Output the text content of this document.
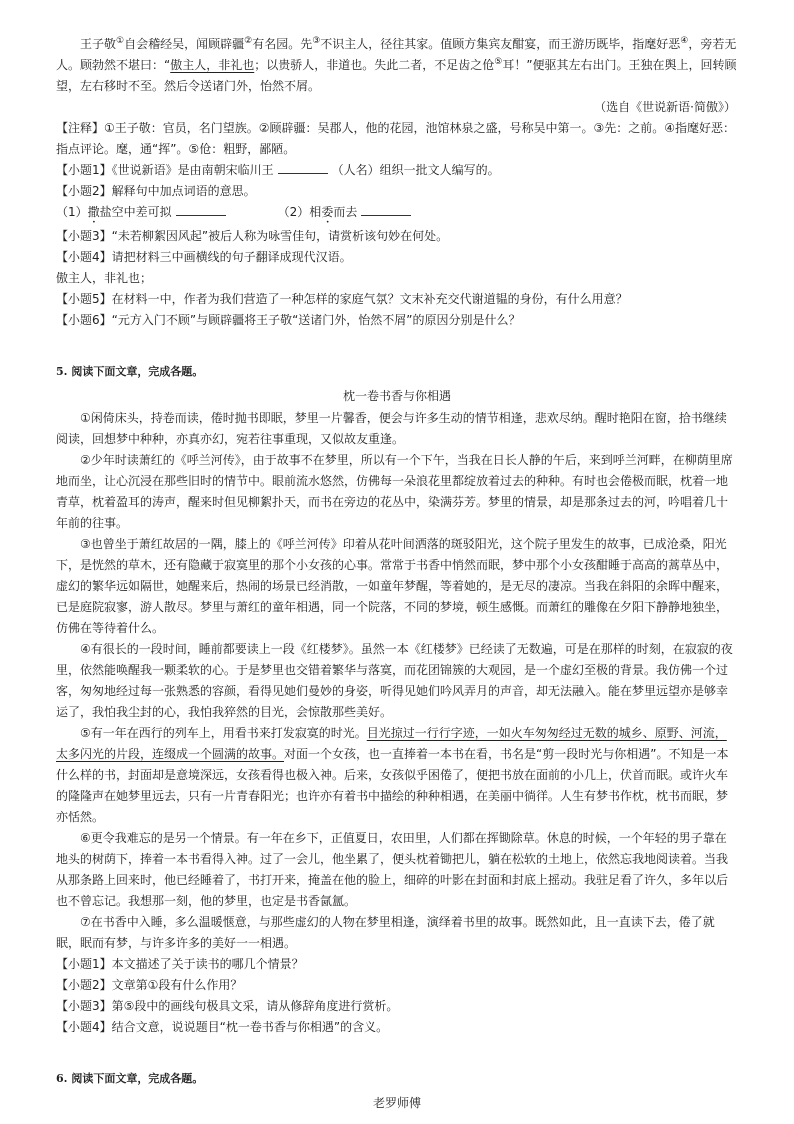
王子敬①自会稽经吴，闻顾辟疆②有名园。先③不识主人，径往其家。值顾方集宾友酣宴，而王游历既毕，指麾好恶④，旁若无人。顾勃然不堪曰：“傲主人，非礼也；以贵骄人，非道也。失此二者，不足齿之伧⑤耳！”便驱其左右出门。王独在舆上，回转顾望，左右移时不至。然后令送诸门外，怡然不屑。

（选自《世说新语·简傲》）

【注释】①王子敬：官员，名门望族。②顾辟疆：吴郡人，他的花园，池馆林泉之盛，号称吴中第一。③先：之前。④指麾好恶：指点评论。麾，通“挥”。⑤伧：粗野，鄙陋。

【小题1】《世说新语》是由南朝宋临川王	（人名）组织一批文人编写的。

【小题2】解释句中加点词语的意思。

（1）撒盐空中差可拟	（2）相委而去

【小题3】“未若柳絮因风起”被后人称为咏雪佳句，请赏析该句妙在何处。

【小题4】请把材料三中画横线的句子翻译成现代汉语。

傲主人，非礼也；

【小题5】在材料一中，作者为我们营造了一种怎样的家庭气氛？文末补充交代谢道韫的身份，有什么用意？

【小题6】“元方入门不顾”与顾辟疆将王子敬“送诸门外，怡然不屑”的原因分别是什么？

5. 阅读下面文章，完成各题。

枕一卷书香与你相遇

①闲倚床头，持卷而读，倦时抛书即眠，梦里一片馨香，便会与许多生动的情节相逢，悲欢尽纳。醒时艳阳在窗，拾书继续阅读，回想梦中种种，亦真亦幻，宛若往事重现，又似故友重逢。

②少年时读萧红的《呼兰河传》，由于故事不在梦里，所以有一个下午，当我在日长人静的午后，来到呼兰河畔，在柳荫里席地而坐，让心沉浸在那些旧时的情节中。眼前流水悠然，仿佛每一朵浪花里都绽放着过去的种种。有时也会倦极而眠，枕着一地青草，枕着盈耳的涛声，醒来时但见柳絮扑天，而书在旁边的花丛中，染满芬芳。梦里的情景，却是那条过去的河，吟唱着几十年前的往事。

③也曾坐于萧红故居的一隅，膝上的《呼兰河传》印着从花叶间洒落的斑驳阳光，这个院子里发生的故事，已成沧桑，阳光下，是恍然的草木，还有隐藏于寂寞里的那个小女孩的心事。常常于书香中悄然而眠，梦中那个小女孩酣睡于高高的蒿草丛中，虚幻的繁华远如隔世，她醒来后，热闹的场景已经消散，一如童年梦醒，等着她的，是无尽的凄凉。当我在斜阳的余晖中醒来，已是庭院寂寥，游人散尽。梦里与萧红的童年相遇，同一个院落，不同的梦境，顿生感慨。而萧红的雕像在夕阳下静静地独坐，仿佛在等待着什么。

④有很长的一段时间，睡前都要读上一段《红楼梦》。虽然一本《红楼梦》已经读了无数遍，可是在那样的时刻，在寂寂的夜里，依然能唤醒我一颗柔软的心。于是梦里也交错着繁华与落寞，而花团锦簇的大观园，是一个虚幻至极的背景。我仿佛一个过客，匆匆地经过每一张熟悉的容颜，看得见她们曼妙的身姿，听得见她们吟风弄月的声音，却无法融入。能在梦里远望亦是够幸运了，我怕我尘封的心，我怕我猝然的目光，会惊散那些美好。

⑤有一年在西行的列车上，用看书来打发寂寞的时光。目光掠过一行行字迹，一如火车匆匆经过无数的城乡、原野、河流，太多闪光的片段，连缀成一个圆满的故事。对面一个女孩，也一直捧着一本书在看，书名是“剪一段时光与你相遇”。不知是一本什么样的书，封面却是意境深远，女孩看得也极入神。后来，女孩似乎困倦了，便把书放在面前的小几上，伏首而眠。或许火车的隆隆声在她梦里远去，只有一片青春阳光；也许亦有着书中描绘的种种相遇，在美丽中徜徉。人生有梦书作枕，枕书而眠，梦亦恬然。

⑥更令我难忘的是另一个情景。有一年在乡下，正值夏日，农田里，人们都在挥锄除草。休息的时候，一个年轻的男子靠在地头的树荫下，捧着一本书看得入神。过了一会儿，他坐累了，便头枕着锄把儿，躺在松软的土地上，依然忘我地阅读着。当我从那条路上回来时，他已经睡着了，书打开来，掩盖在他的脸上，细碎的叶影在封面和封底上摇动。我驻足看了许久，多年以后也不曾忘记。我想那一刻，他的梦里，也定是书香氤氲。

⑦在书香中入睡，多么温暖惬意，与那些虚幻的人物在梦里相逢，演绎着书里的故事。既然如此，且一直读下去，倦了就眠，眠而有梦，与许多许多的美好一一相遇。

【小题1】本文描述了关于读书的哪几个情景？

【小题2】文章第①段有什么作用？

【小题3】第⑤段中的画线句极具文采，请从修辞角度进行赏析。

【小题4】结合文意，说说题目“枕一卷书香与你相遇”的含义。

6. 阅读下面文章，完成各题。

老罗师傅
